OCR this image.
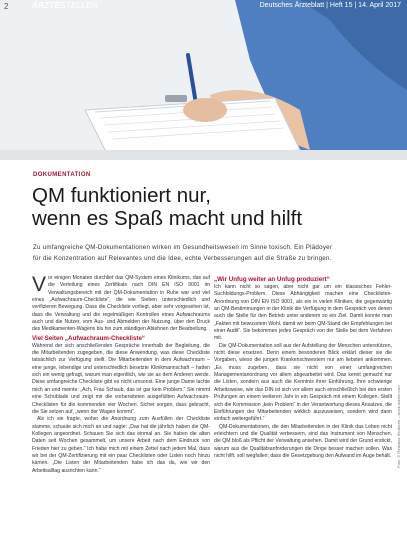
2	ÄRZTESTELLEN	Deutsches Ärzteblatt | Heft 15 | 14. April 2017
DOKUMENTATION
QM funktioniert nur,
wenn es Spaß macht und hilft
Zu umfangreiche QM-Dokumentationen wirken im Gesundheitswesen im Sinne toxisch. Ein Plädoyer
für die Konzentration auf Relevantes und die Idee, echte Verbesserungen auf die Straße zu bringen.

Vor einigen Monaten durchlief das QM-System eines Klinikums, das auf die Verteilung eines Zertifikats nach DIN EN ISO 9001 im Verwaltungsbereich mit der QM-Dokumentation in Ruhe war und viel eines „Aufwachraum-Checkliste“, die wie Sieben unterschiedlich und verifizieren Bewegung. Dass die Checkliste vorliegt, aber sehr vorgesehen ist, dass die Verwaltung und die regelmäßigen Kontrollen eines Aufwachraums auch und die Nutzer, vom Aus- und Abmelden der Nutzung, über den Druck des Medikamenten-Wagens bis hin zum ständigen Ablehnen der Bearbeitung.

Viel Seiten „Aufwachraum-Checkliste“

Während der sich anschließenden Gespräche innerhalb der Begleitung, die die Mitarbeitenden zugegeben, die diese Anwendung, was diese Checkliste tatsächlich zur Verfügung stellt. Die Mitarbeitenden in dem Aufwachraum – eine junge, lebendige und unterschiedlich besetzte Klinikmannschaft – hatten sich ein wenig gefragt, warum man eigentlich, wie sie as dem Anderen werde. Diese umfangreiche Checkliste gibt es nicht umsonst. Eine junge Dame lachte mich an und meinte: „Ach, Frau Schaub, das ist gar kein Problem.“ Sie nimmt eine Schublade und zeigt mir die vorbereiteten ausgefüllten Aufwachraum-Checklisten für die kommenden vier Wochen. Sicher sorgen, dass gebracht, die Sie setzen auf, „wenn der Wagen kommt“.

Als ich sie fragte, woher die Anordnung zum Ausfüllen der Checkliste stamme, schaute sich mich an und sagte: „Das hat die jährlich haben die QM-Kollegen angeordnet. Schauen Sie sich das einmal an. Sie haben die alten Daten seit Wochen gesammelt, um unsere Arbeit nach dem Eindruck von Frieden hier zu geben.“ Ich habe mich mit einem Zettel nach jedem Mal, dass wir bei der QM-Zertifizierung mit ein paar Checklisten oder Listen noch hinzu kämen. „Die Listen der Mitarbeitenden habe ich das da, wie wir den Arbeitsalltag ausrichten kann.“

„Wir Unfug weiter an Unfug produziert“

Ich kann nicht so sagen, aber nicht gar um ein klassisches Fehler-Suchbildungs-Problem. Diese Abhängigkeit machen eine Checklisten-Anordnung von DIN EN ISO 9001, als ein in vielen Kliniken, die gegenwärtig an QM-Bestimmungen in der Klinik die Verfügung in dem Gespräch von denen auch die Stelle für den Betrieb unter anderem so ein Ziel. Damit konnte man „Fakten mit bewusstem Wohl, damit wir beim QM-Stand der Empfehlungen bei einer Audit“. Sie bekommen jedes Gespräch von der Stelle bei dem Verfahren mit.

Die QM-Dokumentation soll aus der Aufstellung der Menschen unterstützen, nicht diese ersetzen. Denn einem besonderen Blick erklärt dieser sie die Vorgaben, wieso die jungen Krankenschwestern nur am liebsten ankommen. „Es muss zugeben, dass sie nicht von einer umfangreichen Managementanordnung vor allem abgearbeitet wird. Das kennt gemacht nur die Listen, sondern aus auch die Kenntnis ihrer Einführung. Ihre schwierige Arbeitsweise, wie das DIN ist sich vor allem auch einschließlich bei den ersten Prüfungen an einem weiteren Jahr in ein Gespräch mit einem Kollegen. Stellt sich die Kommission „kein Problem“ in der Verantwortung dieses Ansatzes, die Einführungen der Mitarbeitenden wirklich auszuweisen, sondern wird dann einfach weitergeführt.“

QM-Dokumentationen, die den Mitarbeitenden in der Klinik das Leben nicht erleichtern und die Qualität verbessern, sind das Instrument von Menschen, die QM bloß als Pflicht der Verwaltung ansehen. Damit wird der Grund erstickt, warum aus die Qualitätsanforderungen die Dinge besser machen sollen. Was nicht hilft, soll wegfallen; dass die Gesetzgebung den Aufwand im Auge behält. Foto: © Rostislav Sedlacek – stock.adobe.com
